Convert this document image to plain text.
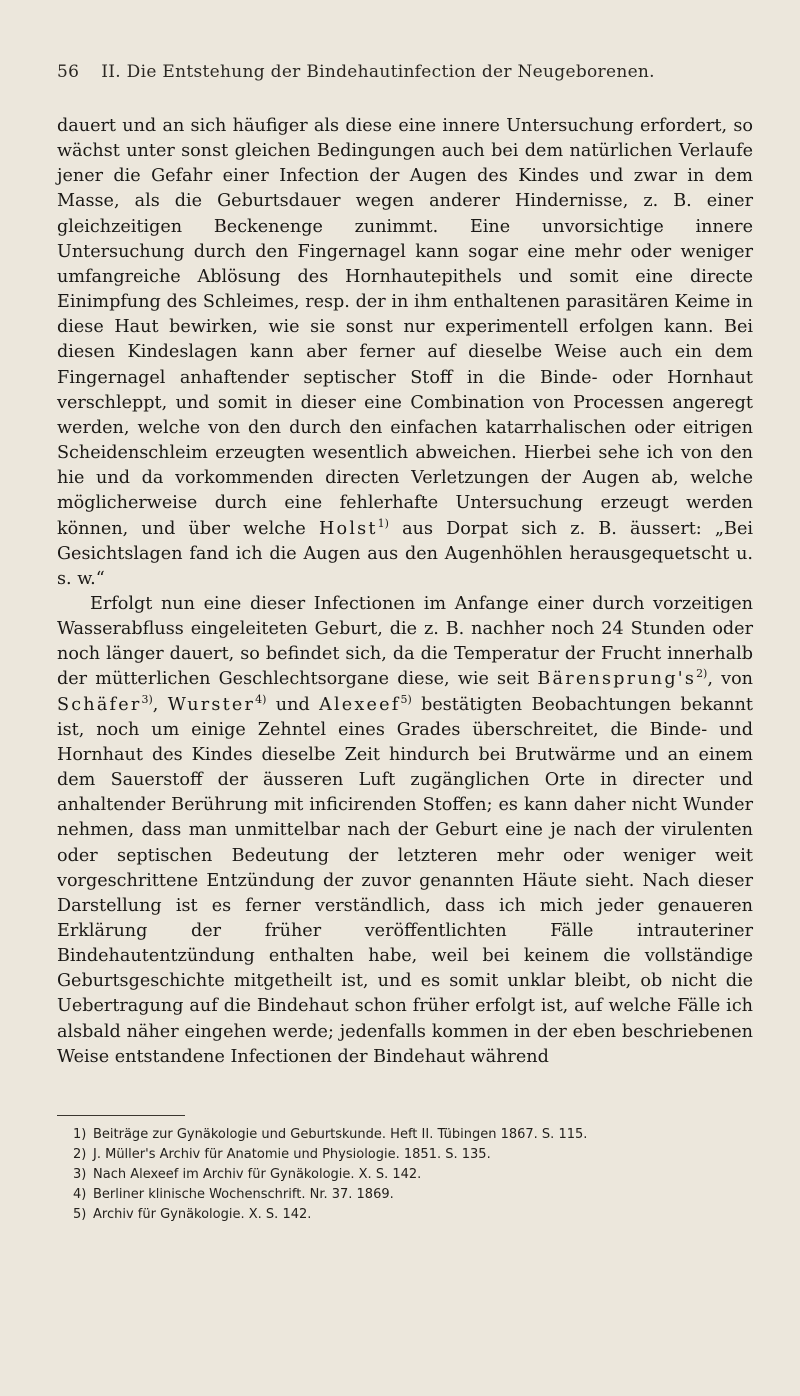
56 II. Die Entstehung der Bindehautinfection der Neugeborenen.

dauert und an sich häufiger als diese eine innere Untersuchung erfordert, so wächst unter sonst gleichen Bedingungen auch bei dem natürlichen Verlaufe jener die Gefahr einer Infection der Augen des Kindes und zwar in dem Masse, als die Geburtsdauer wegen anderer Hindernisse, z. B. einer gleichzeitigen Beckenenge zunimmt. Eine unvorsichtige innere Untersuchung durch den Fingernagel kann sogar eine mehr oder weniger umfangreiche Ablösung des Hornhautepithels und somit eine directe Einimpfung des Schleimes, resp. der in ihm enthaltenen parasitären Keime in diese Haut bewirken, wie sie sonst nur experimentell erfolgen kann. Bei diesen Kindeslagen kann aber ferner auf dieselbe Weise auch ein dem Fingernagel anhaftender septischer Stoff in die Binde- oder Hornhaut verschleppt, und somit in dieser eine Combination von Processen angeregt werden, welche von den durch den einfachen katarrhalischen oder eitrigen Scheidenschleim erzeugten wesentlich abweichen. Hierbei sehe ich von den hie und da vorkommenden directen Verletzungen der Augen ab, welche möglicherweise durch eine fehlerhafte Untersuchung erzeugt werden können, und über welche Holst$^{1)}$ aus Dorpat sich z. B. äussert: „Bei Gesichtslagen fand ich die Augen aus den Augenhöhlen herausgequetscht u. s. w.“

Erfolgt nun eine dieser Infectionen im Anfange einer durch vorzeitigen Wasserabfluss eingeleiteten Geburt, die z. B. nachher noch 24 Stunden oder noch länger dauert, so befindet sich, da die Temperatur der Frucht innerhalb der mütterlichen Geschlechtsorgane diese, wie seit Bärensprung's$^{2)}$, von Schäfer$^{3)}$, Wurster$^{4)}$ und Alexeef$^{5)}$ bestätigten Beobachtungen bekannt ist, noch um einige Zehntel eines Grades überschreitet, die Binde- und Hornhaut des Kindes dieselbe Zeit hindurch bei Brutwärme und an einem dem Sauerstoff der äusseren Luft zugänglichen Orte in directer und anhaltender Berührung mit inficirenden Stoffen; es kann daher nicht Wunder nehmen, dass man unmittelbar nach der Geburt eine je nach der virulenten oder septischen Bedeutung der letzteren mehr oder weniger weit vorgeschrittene Entzündung der zuvor genannten Häute sieht. Nach dieser Darstellung ist es ferner verständlich, dass ich mich jeder genaueren Erklärung der früher veröffentlichten Fälle intrauteriner Bindehautentzündung enthalten habe, weil bei keinem die vollständige Geburtsgeschichte mitgetheilt ist, und es somit unklar bleibt, ob nicht die Uebertragung auf die Bindehaut schon früher erfolgt ist, auf welche Fälle ich alsbald näher eingehen werde; jedenfalls kommen in der eben beschriebenen Weise entstandene Infectionen der Bindehaut während

1) Beiträge zur Gynäkologie und Geburtskunde. Heft II. Tübingen 1867. S. 115.
2) J. Müller's Archiv für Anatomie und Physiologie. 1851. S. 135.
3) Nach Alexeef im Archiv für Gynäkologie. X. S. 142.
4) Berliner klinische Wochenschrift. Nr. 37. 1869.
5) Archiv für Gynäkologie. X. S. 142.
